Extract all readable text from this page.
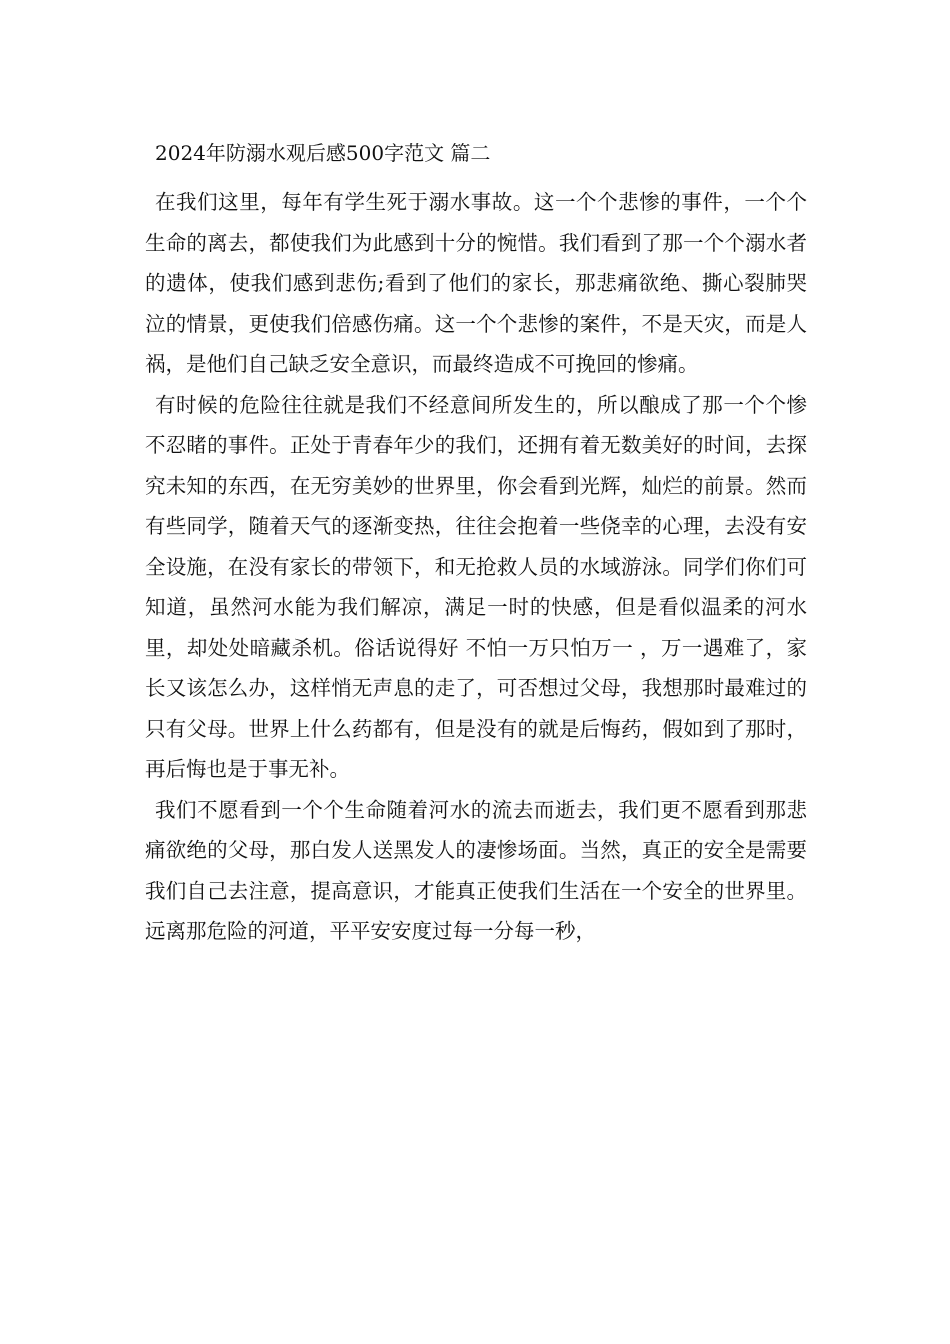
2024年防溺水观后感500字范文 篇二

在我们这里，每年有学生死于溺水事故。这一个个悲惨的事件，一个个生命的离去，都使我们为此感到十分的惋惜。我们看到了那一个个溺水者的遗体，使我们感到悲伤;看到了他们的家长，那悲痛欲绝、撕心裂肺哭泣的情景，更使我们倍感伤痛。这一个个悲惨的案件，不是天灾，而是人祸，是他们自己缺乏安全意识，而最终造成不可挽回的惨痛。

有时候的危险往往就是我们不经意间所发生的，所以酿成了那一个个惨不忍睹的事件。正处于青春年少的我们，还拥有着无数美好的时间，去探究未知的东西，在无穷美妙的世界里，你会看到光辉，灿烂的前景。然而有些同学，随着天气的逐渐变热，往往会抱着一些侥幸的心理，去没有安全设施，在没有家长的带领下，和无抢救人员的水域游泳。同学们你们可知道，虽然河水能为我们解凉，满足一时的快感，但是看似温柔的河水里，却处处暗藏杀机。俗话说得好 不怕一万只怕万一 ，万一遇难了，家长又该怎么办，这样悄无声息的走了，可否想过父母，我想那时最难过的只有父母。世界上什么药都有，但是没有的就是后悔药，假如到了那时，再后悔也是于事无补。

我们不愿看到一个个生命随着河水的流去而逝去，我们更不愿看到那悲痛欲绝的父母，那白发人送黑发人的凄惨场面。当然，真正的安全是需要我们自己去注意，提高意识，才能真正使我们生活在一个安全的世界里。远离那危险的河道，平平安安度过每一分每一秒，
